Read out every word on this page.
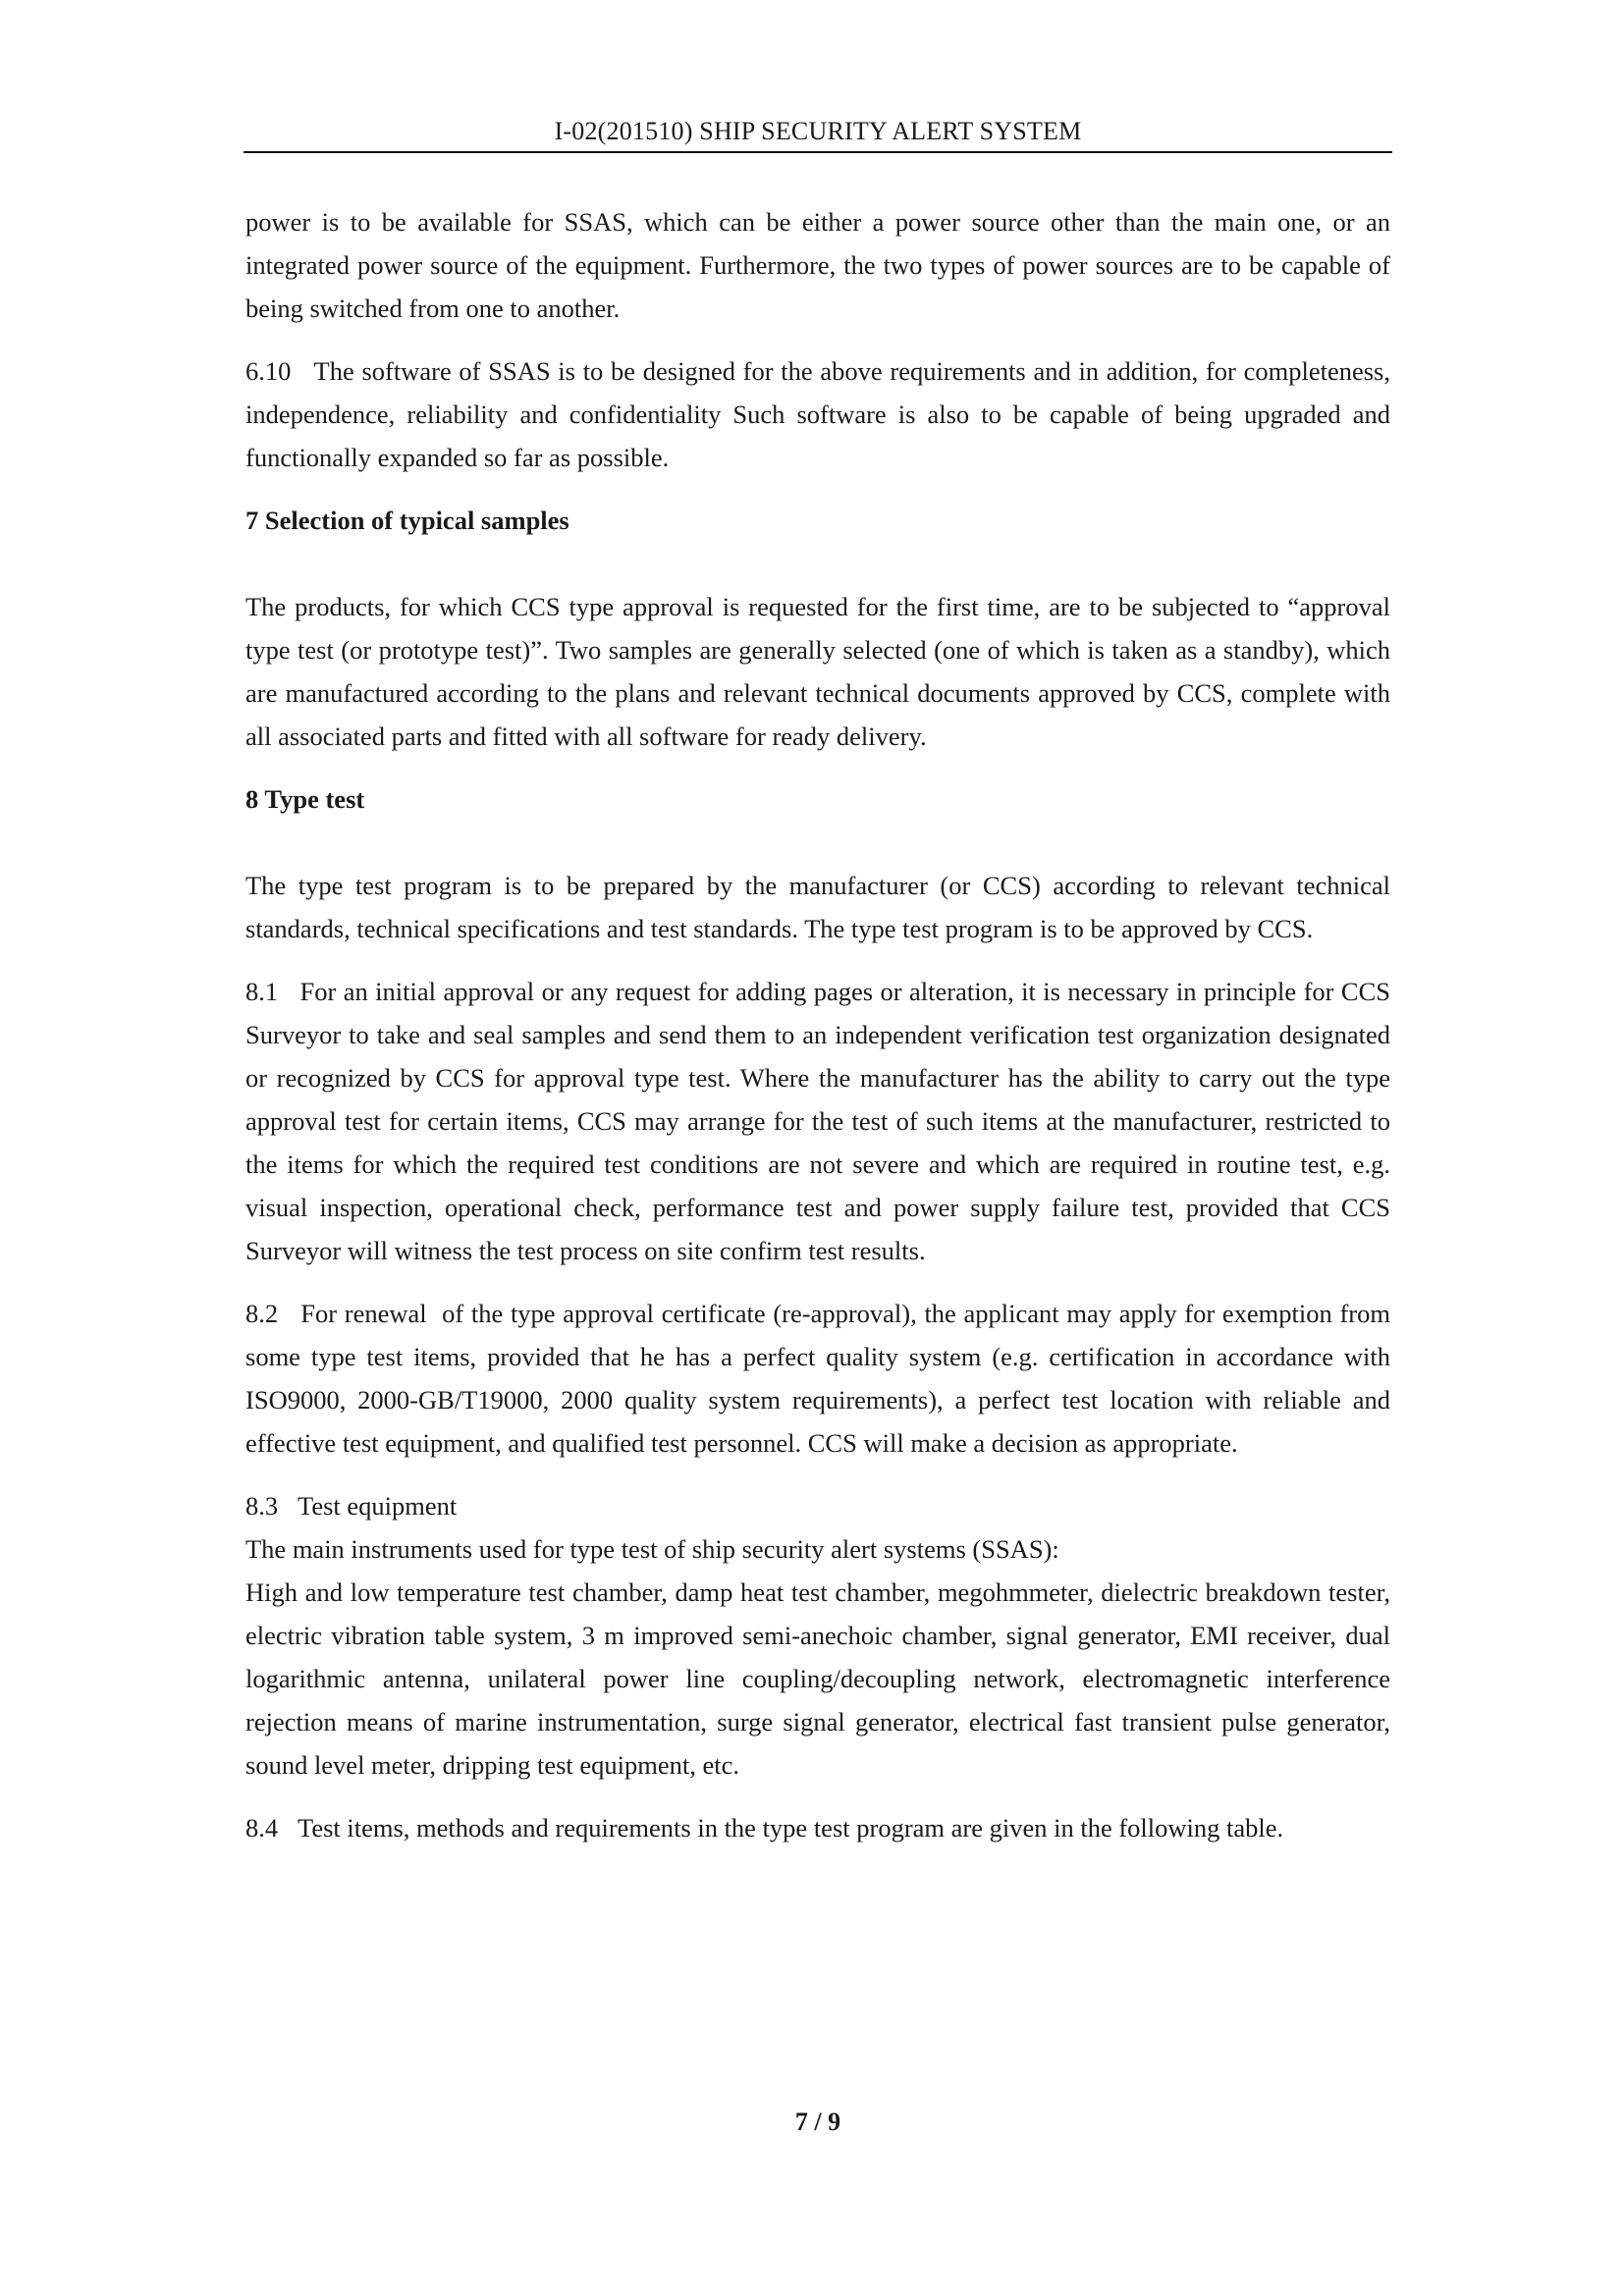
I-02(201510) SHIP SECURITY ALERT SYSTEM

power is to be available for SSAS, which can be either a power source other than the main one, or an integrated power source of the equipment. Furthermore, the two types of power sources are to be capable of being switched from one to another.

6.10   The software of SSAS is to be designed for the above requirements and in addition, for completeness, independence, reliability and confidentiality Such software is also to be capable of being upgraded and functionally expanded so far as possible.

7 Selection of typical samples

The products, for which CCS type approval is requested for the first time, are to be subjected to “approval type test (or prototype test)”. Two samples are generally selected (one of which is taken as a standby), which are manufactured according to the plans and relevant technical documents approved by CCS, complete with all associated parts and fitted with all software for ready delivery.

8 Type test

The type test program is to be prepared by the manufacturer (or CCS) according to relevant technical standards, technical specifications and test standards. The type test program is to be approved by CCS.

8.1   For an initial approval or any request for adding pages or alteration, it is necessary in principle for CCS Surveyor to take and seal samples and send them to an independent verification test organization designated or recognized by CCS for approval type test. Where the manufacturer has the ability to carry out the type approval test for certain items, CCS may arrange for the test of such items at the manufacturer, restricted to the items for which the required test conditions are not severe and which are required in routine test, e.g. visual inspection, operational check, performance test and power supply failure test, provided that CCS Surveyor will witness the test process on site confirm test results.

8.2   For renewal  of the type approval certificate (re-approval), the applicant may apply for exemption from some type test items, provided that he has a perfect quality system (e.g. certification in accordance with ISO9000, 2000-GB/T19000, 2000 quality system requirements), a perfect test location with reliable and effective test equipment, and qualified test personnel. CCS will make a decision as appropriate.

8.3   Test equipment

The main instruments used for type test of ship security alert systems (SSAS):

High and low temperature test chamber, damp heat test chamber, megohmmeter, dielectric breakdown tester, electric vibration table system, 3 m improved semi-anechoic chamber, signal generator, EMI receiver, dual logarithmic antenna, unilateral power line coupling/decoupling network, electromagnetic interference rejection means of marine instrumentation, surge signal generator, electrical fast transient pulse generator, sound level meter, dripping test equipment, etc.

8.4   Test items, methods and requirements in the type test program are given in the following table.

7 / 9
